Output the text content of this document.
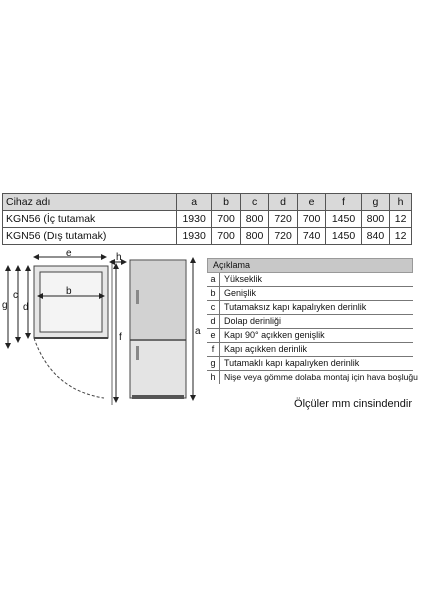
Cihaz adı	a	b	c	d	e	f	g	h
KGN56 (İç tutamak	1930	700	800	720	700	1450	800	12
KGN56 (Dış tutamak)	1930	700	800	720	740	1450	840	12
e	h
b
g
c
d
f
a
Açıklama
a Yükseklik
b Genişlik
c Tutamaksız kapı kapalıyken derinlik
d Dolap derinliği
e Kapı 90° açıkken genişlik
f	Kapı açıkken derinlik
g Tutamaklı kapı kapalıyken derinlik
h Nişe veya gömme dolaba montaj için hava boşluğu
Ölçüler mm cinsindendir
